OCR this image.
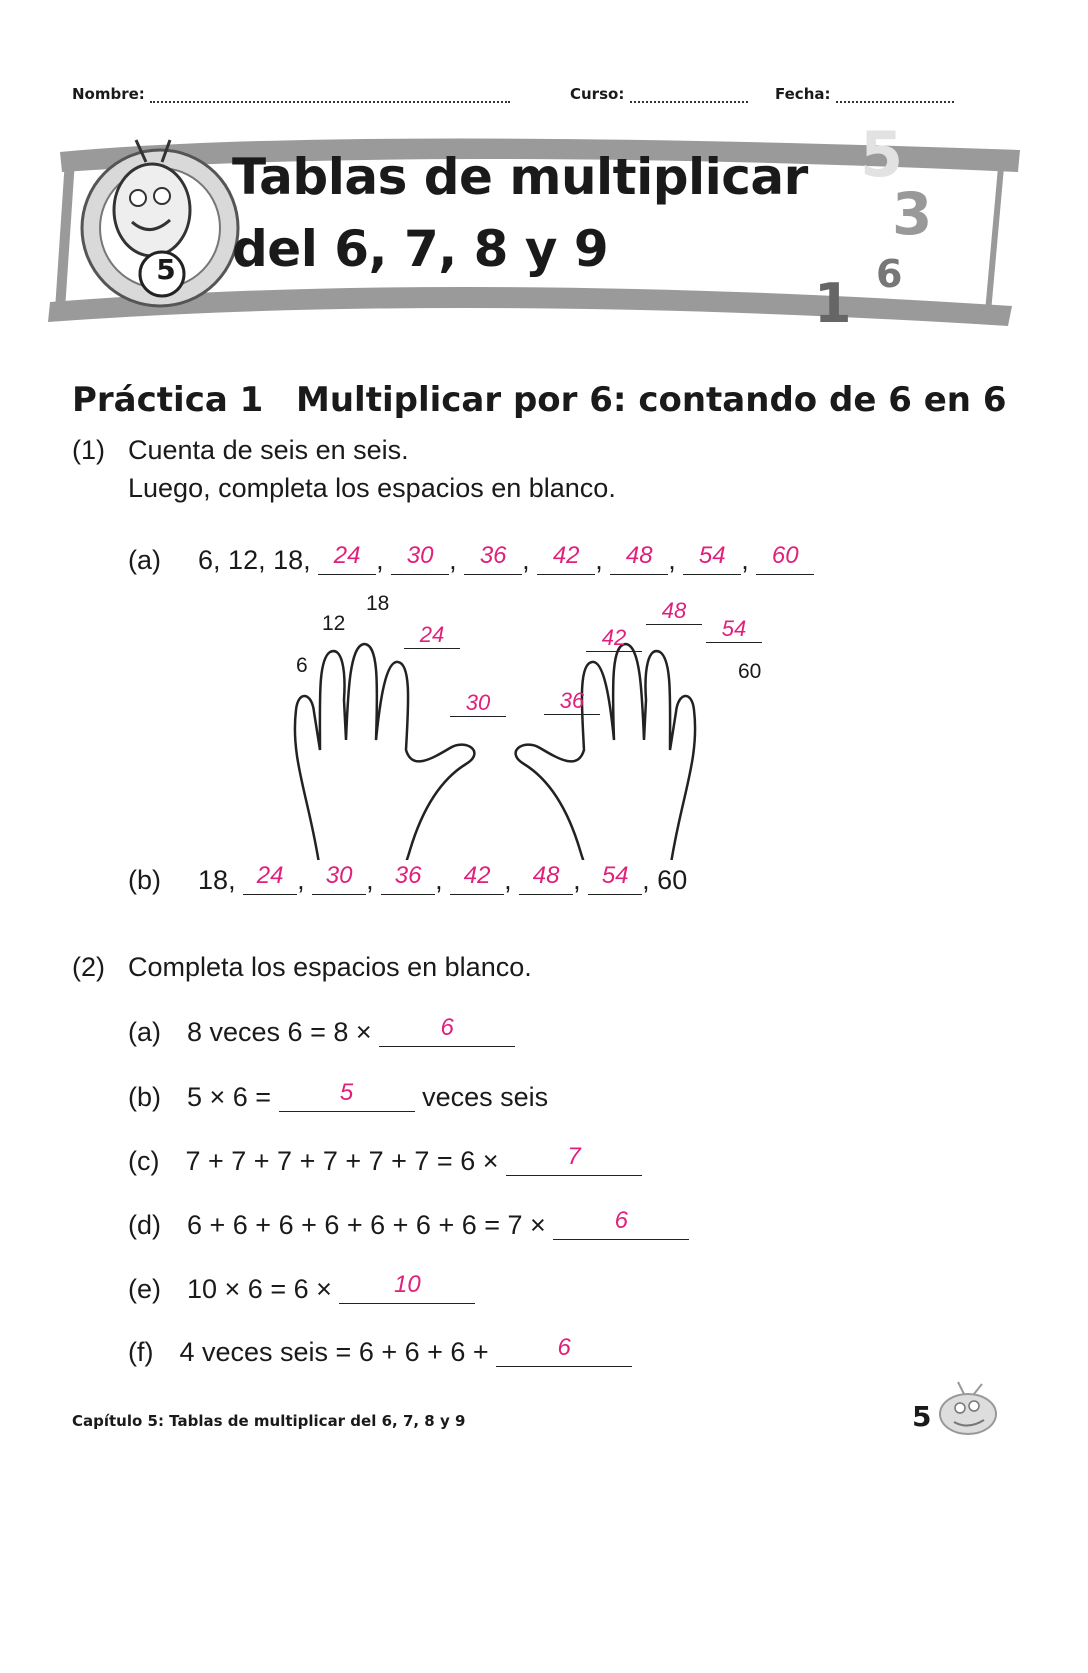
Nombre:	Curso:	Fecha:
5
Tablas de multiplicar
del 6, 7, 8 y 9
5
3
6
1
Práctica 1 Multiplicar por 6: contando de 6 en 6
(1) Cuenta de seis en seis.
Luego, completa los espacios en blanco.
(a) 6, 12, 18, 24 , 30 , 36 , 42 , 48 , 54 , 60
6
12
18
24
30	36
42
48
54
60
(b) 18, 24 , 30 , 36 , 42 , 48 , 54 , 60
(2) Completa los espacios en blanco.
(a) 8 veces 6 = 8 ×	6
(b) 5 × 6 =	5	veces seis
(c) 7 + 7 + 7 + 7 + 7 + 7 = 6 ×	7
(d) 6 + 6 + 6 + 6 + 6 + 6 + 6 = 7 ×	6
(e) 10 × 6 = 6 ×	10
(f) 4 veces seis = 6 + 6 + 6 +	6
Capítulo 5: Tablas de multiplicar del 6, 7, 8 y 9	5
